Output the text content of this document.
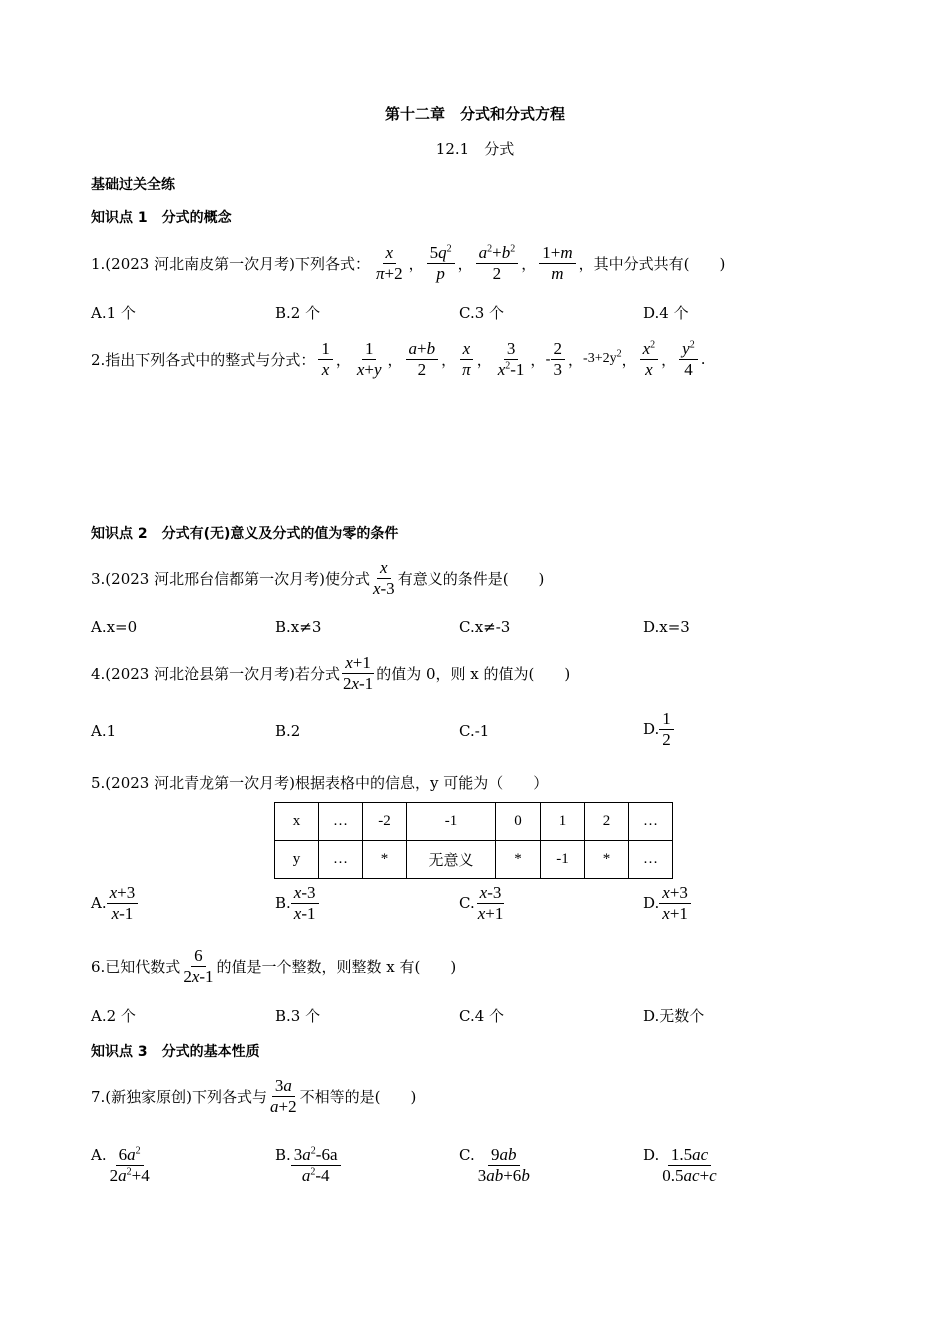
第十二章　分式和分式方程
12.1　分式
基础过关全练
知识点 1　分式的概念
1.(2023 河北南皮第一次月考)下列各式： $\frac{x}{\pi+2}$ ， $\frac{5q^2}{p}$ ， $\frac{a^2+b^2}{2}$ ， $\frac{1+m}{m}$ ，其中分式共有(　　)
A.1 个	B.2 个	C.3 个	D.4 个
2.指出下列各式中的整式与分式： $\frac{1}{x}$ ， $\frac{1}{x+y}$ ， $\frac{a+b}{2}$ ， $\frac{x}{\pi}$ ， $\frac{3}{x^2-1}$ ， - $\frac{2}{3}$ ， $-3+2y^2$ ， $\frac{x^2}{x}$ ， $\frac{y^2}{4}$ .
知识点 2　分式有(无)意义及分式的值为零的条件
3.(2023 河北邢台信都第一次月考)使分式 $\frac{x}{x-3}$ 有意义的条件是(　　)
A.x=0	B.x≠3	C.x≠-3	D.x=3
4.(2023 河北沧县第一次月考)若分式 $\frac{x+1}{2x-1}$ 的值为 0，则 x 的值为(　　)
A.1	B.2	C.-1	D. $\frac{1}{2}$
5.(2023 河北青龙第一次月考)根据表格中的信息，y 可能为（　　）
x	…	-2	-1	0	1	2	…
y	…	*	无意义	*	-1	*	…
A. $\frac{x+3}{x-1}$	B. $\frac{x-3}{x-1}$	C. $\frac{x-3}{x+1}$	D. $\frac{x+3}{x+1}$
6.已知代数式 $\frac{6}{2x-1}$ 的值是一个整数，则整数 x 有(　　)
A.2 个	B.3 个	C.4 个	D.无数个
知识点 3　分式的基本性质
7.(新独家原创)下列各式与 $\frac{3a}{a+2}$ 不相等的是(　　)
A. $\frac{6a^2}{2a^2+4}$	B. $\frac{3a^2-6a}{a^2-4}$	C. $\frac{9ab}{3ab+6b}$	D. $\frac{1.5ac}{0.5ac+c}$
